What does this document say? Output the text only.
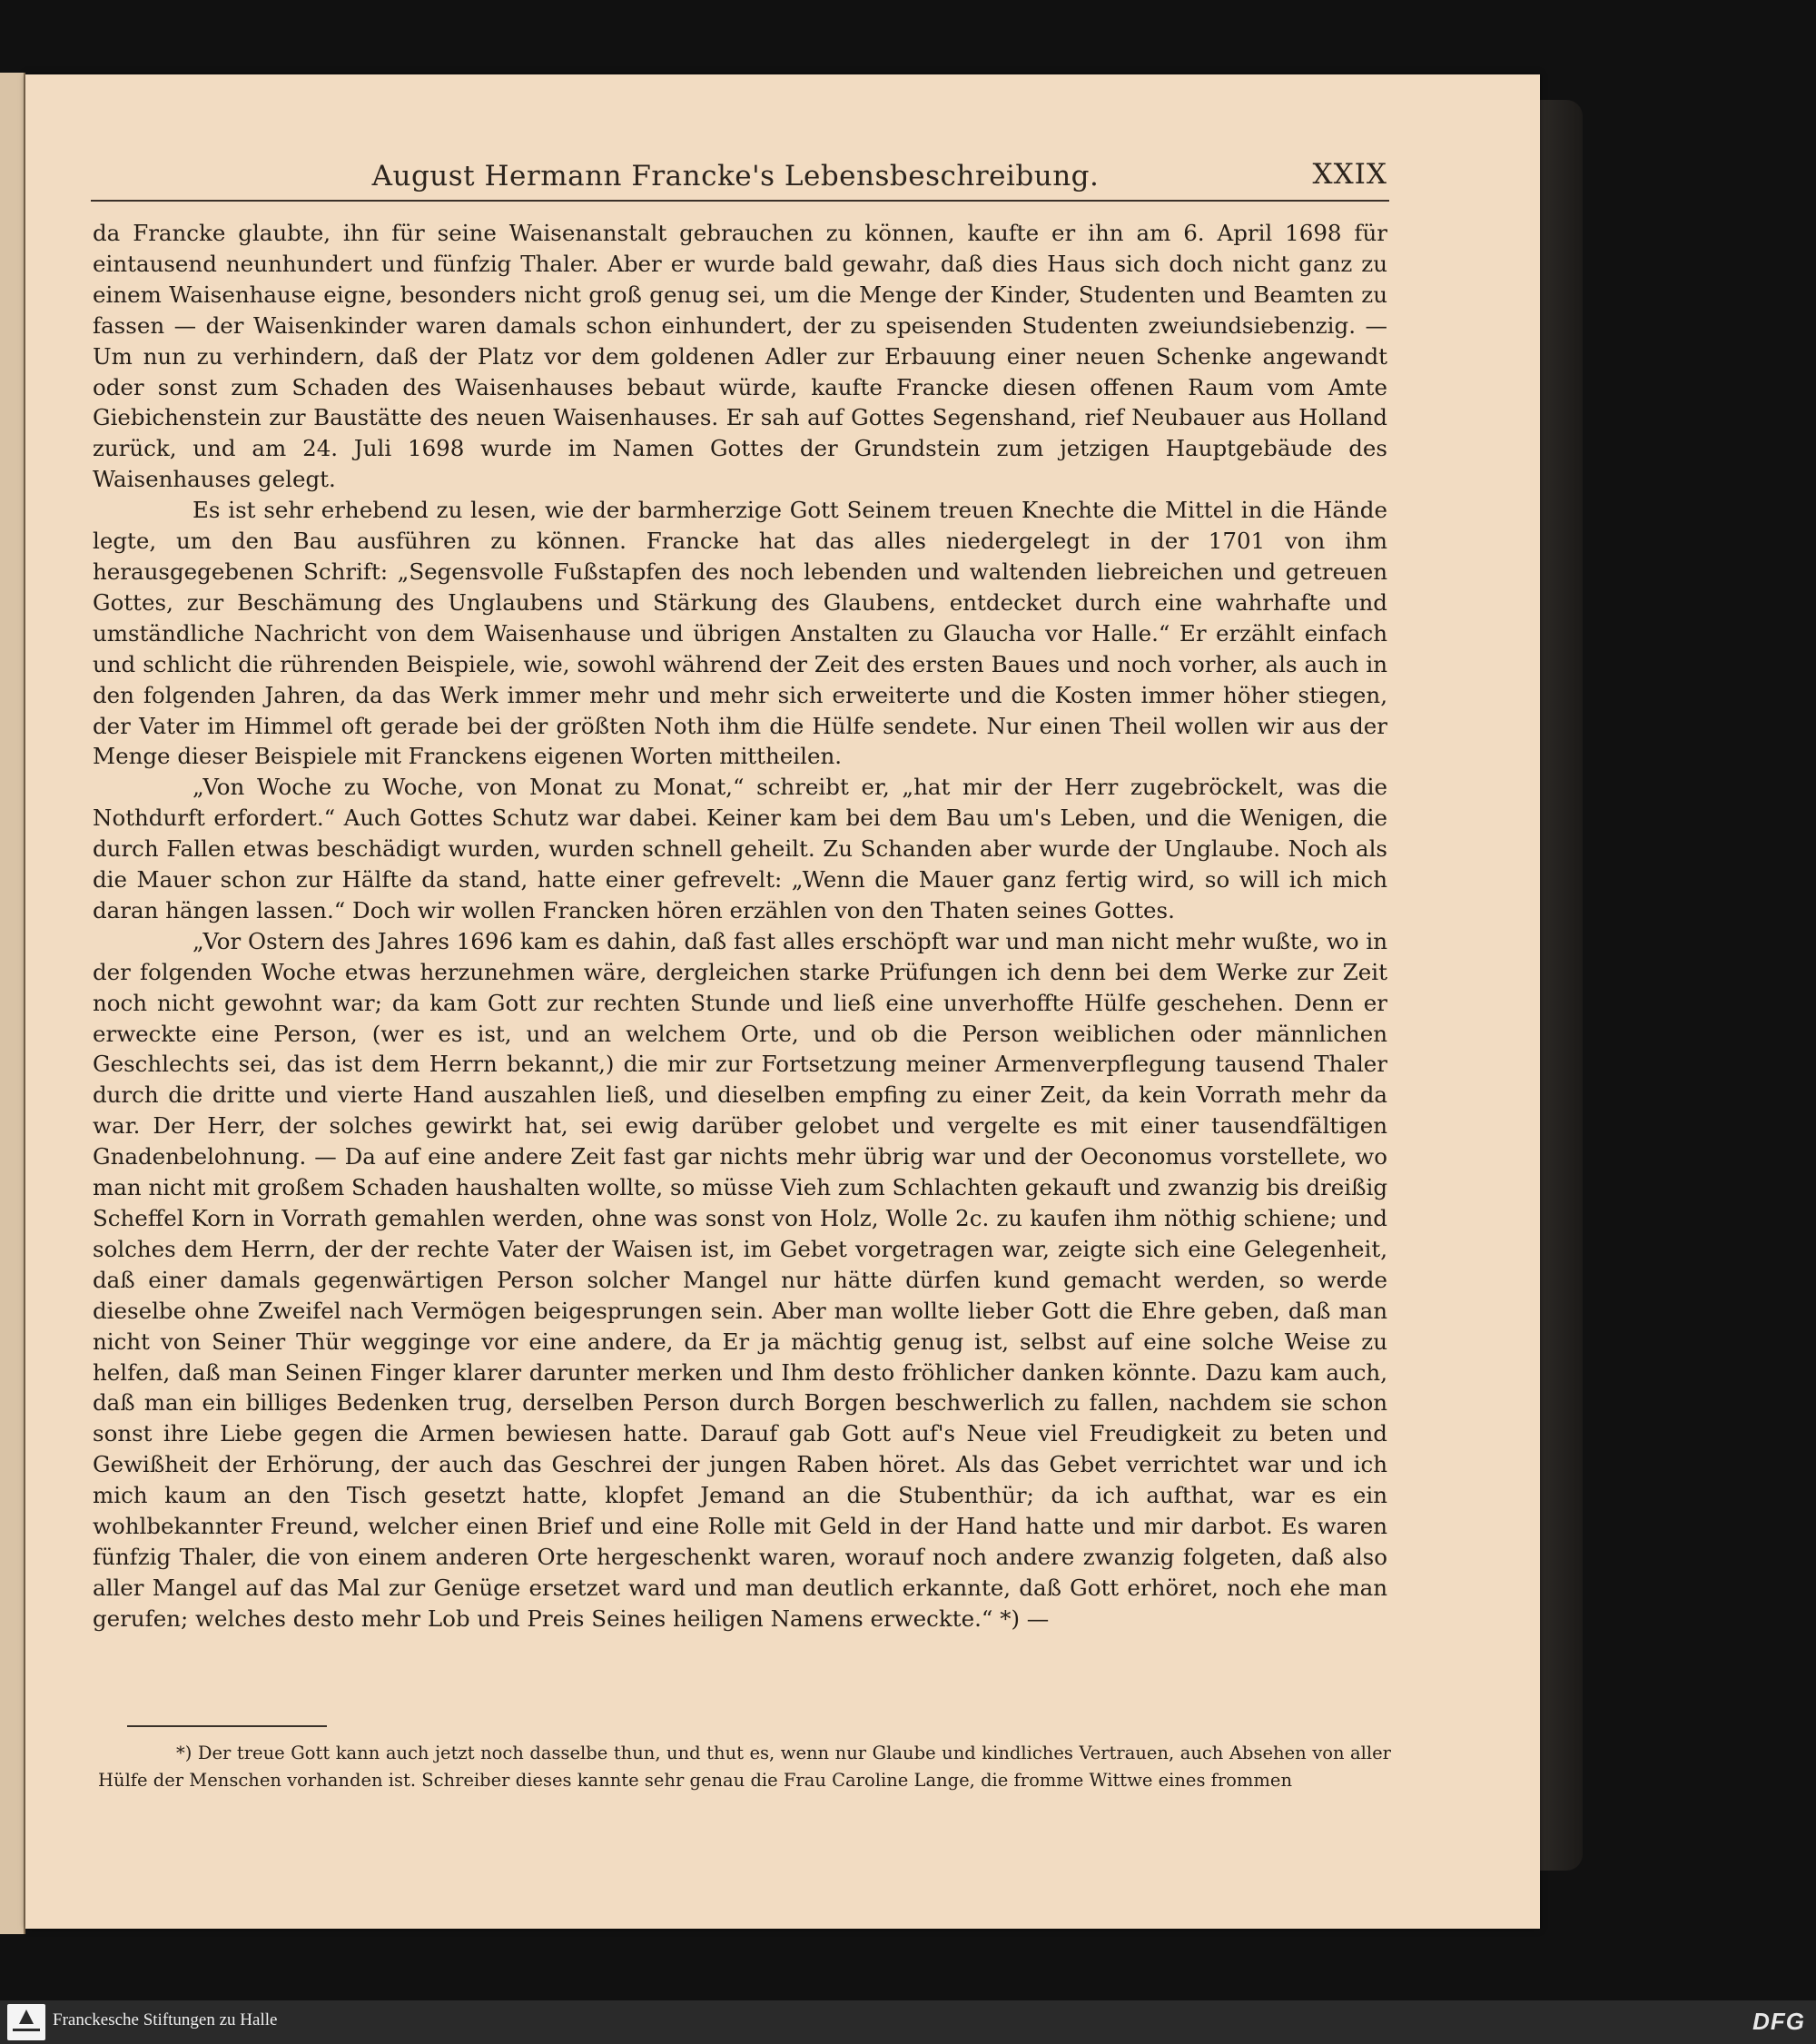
August Hermann Francke's Lebensbeschreibung.	XXIX

da Francke glaubte, ihn für seine Waisenanstalt gebrauchen zu können, kaufte er ihn am 6. April 1698 für eintausend neunhundert und fünfzig Thaler. Aber er wurde bald gewahr, daß dies Haus sich doch nicht ganz zu einem Waisenhause eigne, besonders nicht groß genug sei, um die Menge der Kinder, Studenten und Beamten zu fassen — der Waisenkinder waren damals schon einhundert, der zu speisenden Studenten zweiundsiebenzig. — Um nun zu verhindern, daß der Platz vor dem goldenen Adler zur Erbauung einer neuen Schenke angewandt oder sonst zum Schaden des Waisenhauses bebaut würde, kaufte Francke diesen offenen Raum vom Amte Giebichenstein zur Baustätte des neuen Waisenhauses. Er sah auf Gottes Segenshand, rief Neubauer aus Holland zurück, und am 24. Juli 1698 wurde im Namen Gottes der Grundstein zum jetzigen Hauptgebäude des Waisenhauses gelegt.

Es ist sehr erhebend zu lesen, wie der barmherzige Gott Seinem treuen Knechte die Mittel in die Hände legte, um den Bau ausführen zu können. Francke hat das alles niedergelegt in der 1701 von ihm herausgegebenen Schrift: „Segensvolle Fußstapfen des noch lebenden und waltenden liebreichen und getreuen Gottes, zur Beschämung des Unglaubens und Stärkung des Glaubens, entdecket durch eine wahrhafte und umständliche Nachricht von dem Waisenhause und übrigen Anstalten zu Glaucha vor Halle.“ Er erzählt einfach und schlicht die rührenden Beispiele, wie, sowohl während der Zeit des ersten Baues und noch vorher, als auch in den folgenden Jahren, da das Werk immer mehr und mehr sich erweiterte und die Kosten immer höher stiegen, der Vater im Himmel oft gerade bei der größten Noth ihm die Hülfe sendete. Nur einen Theil wollen wir aus der Menge dieser Beispiele mit Franckens eigenen Worten mittheilen.

„Von Woche zu Woche, von Monat zu Monat,“ schreibt er, „hat mir der Herr zugebröckelt, was die Nothdurft erfordert.“ Auch Gottes Schutz war dabei. Keiner kam bei dem Bau um's Leben, und die Wenigen, die durch Fallen etwas beschädigt wurden, wurden schnell geheilt. Zu Schanden aber wurde der Unglaube. Noch als die Mauer schon zur Hälfte da stand, hatte einer gefrevelt: „Wenn die Mauer ganz fertig wird, so will ich mich daran hängen lassen.“ Doch wir wollen Francken hören erzählen von den Thaten seines Gottes.

„Vor Ostern des Jahres 1696 kam es dahin, daß fast alles erschöpft war und man nicht mehr wußte, wo in der folgenden Woche etwas herzunehmen wäre, dergleichen starke Prüfungen ich denn bei dem Werke zur Zeit noch nicht gewohnt war; da kam Gott zur rechten Stunde und ließ eine unverhoffte Hülfe geschehen. Denn er erweckte eine Person, (wer es ist, und an welchem Orte, und ob die Person weiblichen oder männlichen Geschlechts sei, das ist dem Herrn bekannt,) die mir zur Fortsetzung meiner Armenverpflegung tausend Thaler durch die dritte und vierte Hand auszahlen ließ, und dieselben empfing zu einer Zeit, da kein Vorrath mehr da war. Der Herr, der solches gewirkt hat, sei ewig darüber gelobet und vergelte es mit einer tausendfältigen Gnadenbelohnung. — Da auf eine andere Zeit fast gar nichts mehr übrig war und der Oeconomus vorstellete, wo man nicht mit großem Schaden haushalten wollte, so müsse Vieh zum Schlachten gekauft und zwanzig bis dreißig Scheffel Korn in Vorrath gemahlen werden, ohne was sonst von Holz, Wolle 2c. zu kaufen ihm nöthig schiene; und solches dem Herrn, der der rechte Vater der Waisen ist, im Gebet vorgetragen war, zeigte sich eine Gelegenheit, daß einer damals gegenwärtigen Person solcher Mangel nur hätte dürfen kund gemacht werden, so werde dieselbe ohne Zweifel nach Vermögen beigesprungen sein. Aber man wollte lieber Gott die Ehre geben, daß man nicht von Seiner Thür wegginge vor eine andere, da Er ja mächtig genug ist, selbst auf eine solche Weise zu helfen, daß man Seinen Finger klarer darunter merken und Ihm desto fröhlicher danken könnte. Dazu kam auch, daß man ein billiges Bedenken trug, derselben Person durch Borgen beschwerlich zu fallen, nachdem sie schon sonst ihre Liebe gegen die Armen bewiesen hatte. Darauf gab Gott auf's Neue viel Freudigkeit zu beten und Gewißheit der Erhörung, der auch das Geschrei der jungen Raben höret. Als das Gebet verrichtet war und ich mich kaum an den Tisch gesetzt hatte, klopfet Jemand an die Stubenthür; da ich aufthat, war es ein wohlbekannter Freund, welcher einen Brief und eine Rolle mit Geld in der Hand hatte und mir darbot. Es waren fünfzig Thaler, die von einem anderen Orte hergeschenkt waren, worauf noch andere zwanzig folgeten, daß also aller Mangel auf das Mal zur Genüge ersetzet ward und man deutlich erkannte, daß Gott erhöret, noch ehe man gerufen; welches desto mehr Lob und Preis Seines heiligen Namens erweckte.“ *) —

*) Der treue Gott kann auch jetzt noch dasselbe thun, und thut es, wenn nur Glaube und kindliches Vertrauen, auch Absehen von aller Hülfe der Menschen vorhanden ist. Schreiber dieses kannte sehr genau die Frau Caroline Lange, die fromme Wittwe eines frommen

Franckesche Stiftungen zu Halle	DFG
